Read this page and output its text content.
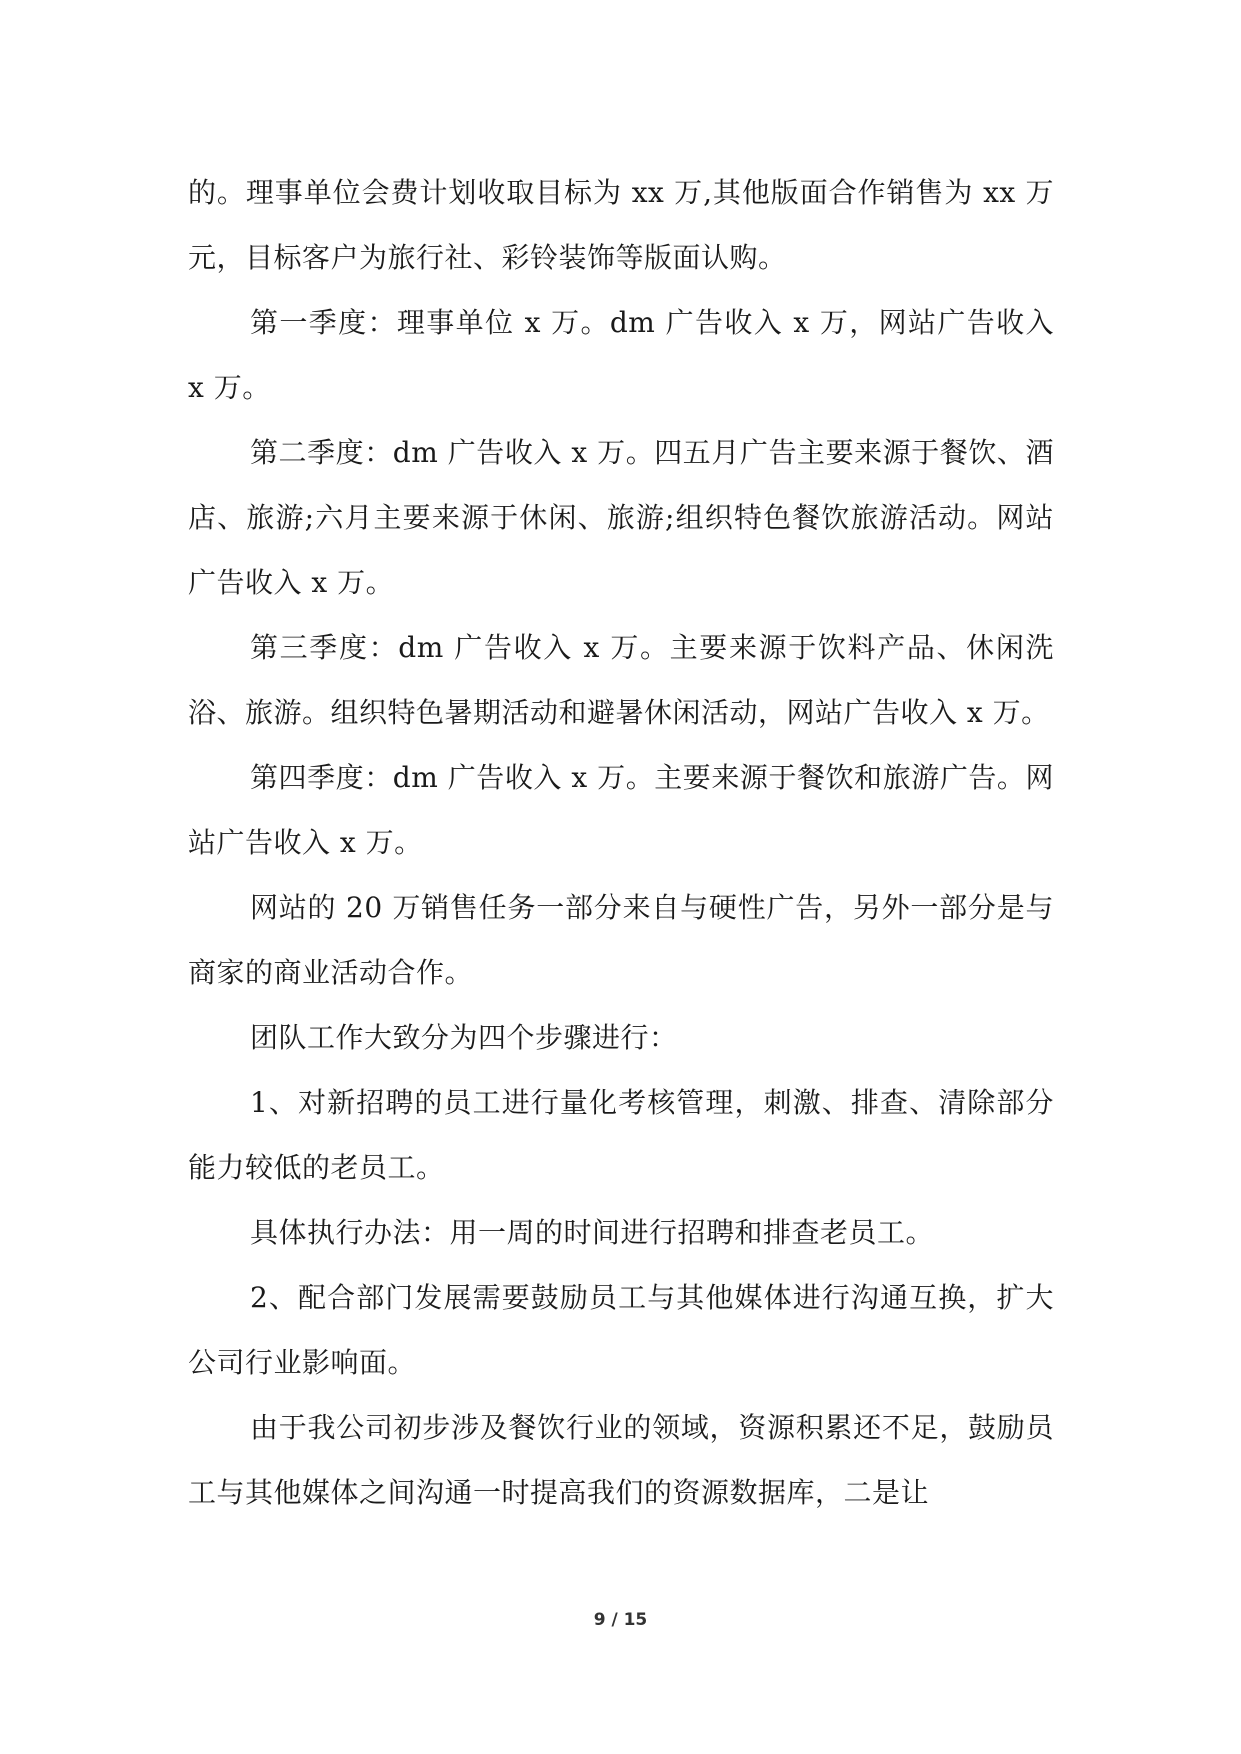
的。理事单位会费计划收取目标为 xx 万,其他版面合作销售为 xx 万元，目标客户为旅行社、彩铃装饰等版面认购。

第一季度：理事单位 x 万。dm 广告收入 x 万，网站广告收入 x 万。

第二季度：dm 广告收入 x 万。四五月广告主要来源于餐饮、酒店、旅游;六月主要来源于休闲、旅游;组织特色餐饮旅游活动。网站广告收入 x 万。

第三季度：dm 广告收入 x 万。主要来源于饮料产品、休闲洗浴、旅游。组织特色暑期活动和避暑休闲活动，网站广告收入 x 万。

第四季度：dm 广告收入 x 万。主要来源于餐饮和旅游广告。网站广告收入 x 万。

网站的 20 万销售任务一部分来自与硬性广告，另外一部分是与商家的商业活动合作。

团队工作大致分为四个步骤进行：

1、对新招聘的员工进行量化考核管理，刺激、排查、清除部分能力较低的老员工。

具体执行办法：用一周的时间进行招聘和排查老员工。

2、配合部门发展需要鼓励员工与其他媒体进行沟通互换，扩大公司行业影响面。

由于我公司初步涉及餐饮行业的领域，资源积累还不足，鼓励员工与其他媒体之间沟通一时提高我们的资源数据库，二是让

9 / 15
